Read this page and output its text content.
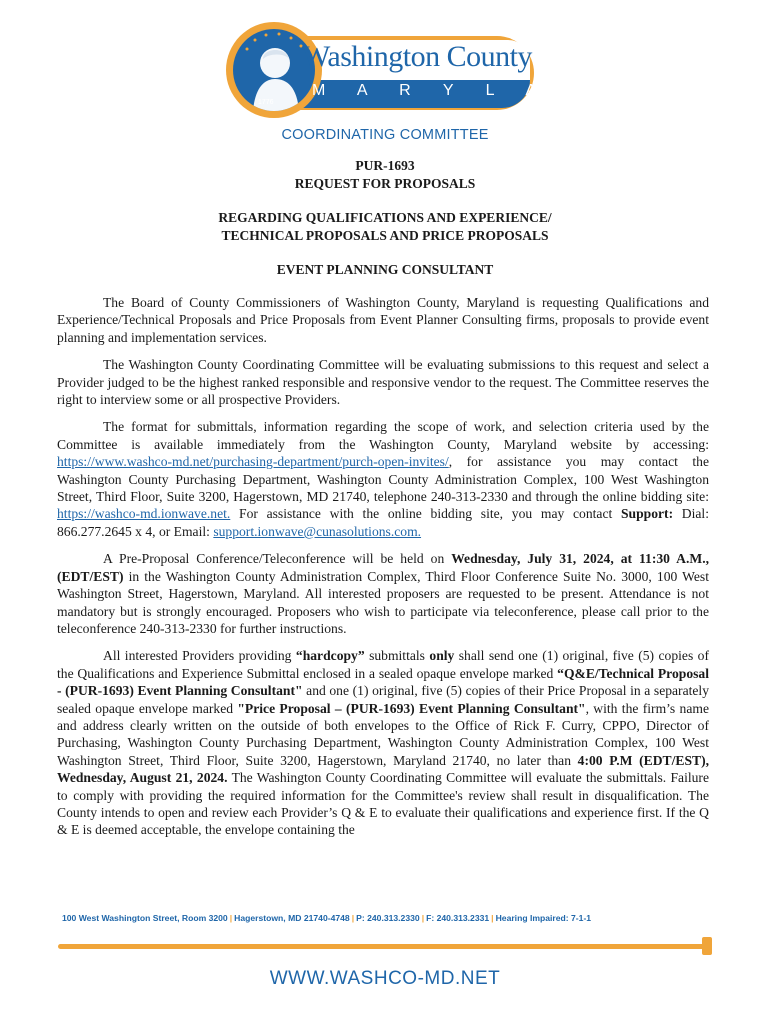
Washington County
M A R Y L A N D
1776
COORDINATING COMMITTEE
PUR-1693
REQUEST FOR PROPOSALS
REGARDING QUALIFICATIONS AND EXPERIENCE/
TECHNICAL PROPOSALS AND PRICE PROPOSALS
EVENT PLANNING CONSULTANT

The Board of County Commissioners of Washington County, Maryland is requesting Qualifications and Experience/Technical Proposals and Price Proposals from Event Planner Consulting firms, proposals to provide event planning and implementation services.

The Washington County Coordinating Committee will be evaluating submissions to this request and select a Provider judged to be the highest ranked responsible and responsive vendor to the request. The Committee reserves the right to interview some or all prospective Providers.

The format for submittals, information regarding the scope of work, and selection criteria used by the Committee is available immediately from the Washington County, Maryland website by accessing: https://www.washco-md.net/purchasing-department/purch-open-invites/, for assistance you may contact the Washington County Purchasing Department, Washington County Administration Complex, 100 West Washington Street, Third Floor, Suite 3200, Hagerstown, MD 21740, telephone 240-313-2330 and through the online bidding site: https://washco-md.ionwave.net. For assistance with the online bidding site, you may contact Support: Dial: 866.277.2645 x 4, or Email: support.ionwave@cunasolutions.com.

A Pre-Proposal Conference/Teleconference will be held on Wednesday, July 31, 2024, at 11:30 A.M., (EDT/EST) in the Washington County Administration Complex, Third Floor Conference Suite No. 3000, 100 West Washington Street, Hagerstown, Maryland. All interested proposers are requested to be present. Attendance is not mandatory but is strongly encouraged. Proposers who wish to participate via teleconference, please call prior to the teleconference 240-313-2330 for further instructions.

All interested Providers providing “hardcopy” submittals only shall send one (1) original, five (5) copies of the Qualifications and Experience Submittal enclosed in a sealed opaque envelope marked “Q&E/Technical Proposal - (PUR-1693) Event Planning Consultant" and one (1) original, five (5) copies of their Price Proposal in a separately sealed opaque envelope marked "Price Proposal – (PUR-1693) Event Planning Consultant", with the firm’s name and address clearly written on the outside of both envelopes to the Office of Rick F. Curry, CPPO, Director of Purchasing, Washington County Purchasing Department, Washington County Administration Complex, 100 West Washington Street, Third Floor, Suite 3200, Hagerstown, Maryland 21740, no later than 4:00 P.M (EDT/EST), Wednesday, August 21, 2024. The Washington County Coordinating Committee will evaluate the submittals. Failure to comply with providing the required information for the Committee's review shall result in disqualification. The County intends to open and review each Provider’s Q & E to evaluate their qualifications and experience first. If the Q & E is deemed acceptable, the envelope containing the

100 West Washington Street, Room 3200 | Hagerstown, MD 21740-4748 | P: 240.313.2330 | F: 240.313.2331 | Hearing Impaired: 7-1-1
WWW.WASHCO-MD.NET
